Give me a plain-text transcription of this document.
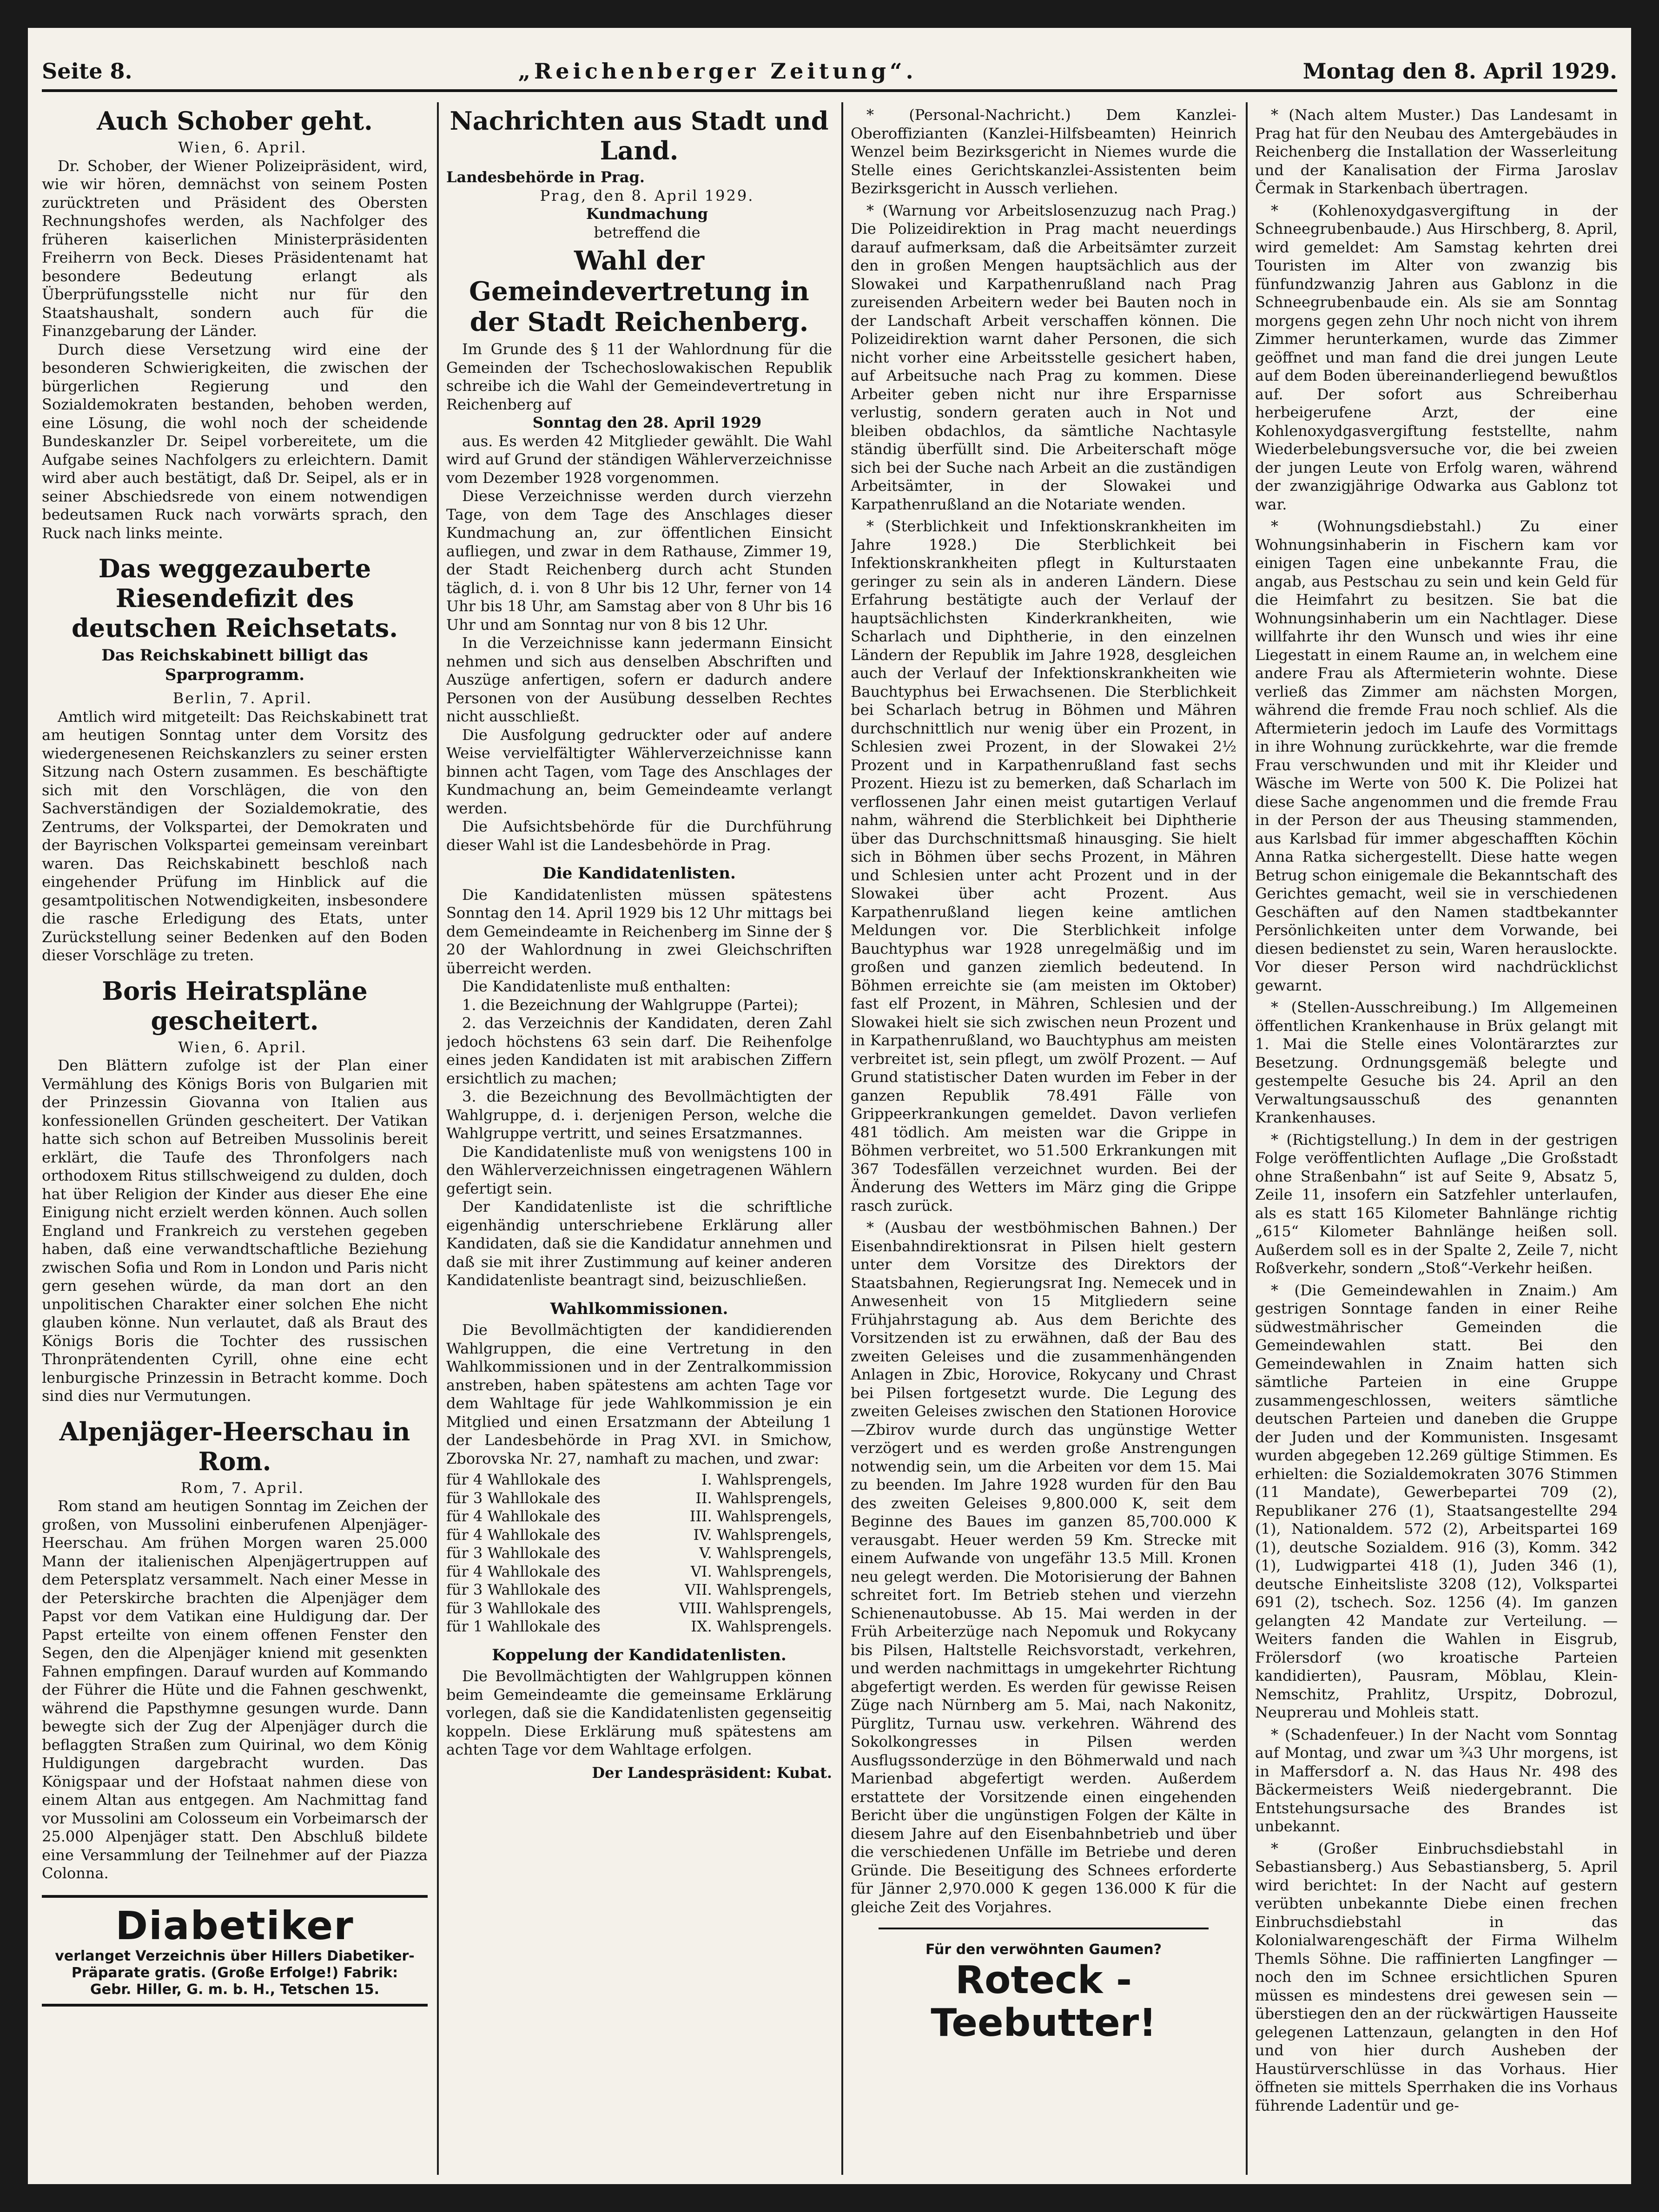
Seite 8.	„Reichenberger Zeitung“.	Montag den 8. April 1929.
Auch Schober geht.

Wien, 6. April.

Dr. Schober, der Wiener Polizeipräsident, wird, wie wir hören, demnächst von seinem Posten zurücktreten und Präsident des Obersten Rechnungshofes werden, als Nachfolger des früheren kaiserlichen Ministerpräsidenten Freiherrn von Beck. Dieses Präsidentenamt hat besondere Bedeutung erlangt als Überprüfungsstelle nicht nur für den Staatshaushalt, sondern auch für die Finanzgebarung der Länder.

Durch diese Versetzung wird eine der besonderen Schwierigkeiten, die zwischen der bürgerlichen Regierung und den Sozialdemokraten bestanden, behoben werden, eine Lösung, die wohl noch der scheidende Bundeskanzler Dr. Seipel vorbereitete, um die Aufgabe seines Nachfolgers zu erleichtern. Damit wird aber auch bestätigt, daß Dr. Seipel, als er in seiner Abschiedsrede von einem notwendigen bedeutsamen Ruck nach vorwärts sprach, den Ruck nach links meinte.

Das weggezauberte Riesendefizit des deutschen Reichsetats.
Das Reichskabinett billigt das Sparprogramm.

Berlin, 7. April.

Amtlich wird mitgeteilt: Das Reichskabinett trat am heutigen Sonntag unter dem Vorsitz des wiedergenesenen Reichskanzlers zu seiner ersten Sitzung nach Ostern zusammen. Es beschäftigte sich mit den Vorschlägen, die von den Sachverständigen der Sozialdemokratie, des Zentrums, der Volkspartei, der Demokraten und der Bayrischen Volkspartei gemeinsam vereinbart waren. Das Reichskabinett beschloß nach eingehender Prüfung im Hinblick auf die gesamtpolitischen Notwendigkeiten, insbesondere die rasche Erledigung des Etats, unter Zurückstellung seiner Bedenken auf den Boden dieser Vorschläge zu treten.

Boris Heiratspläne gescheitert.

Wien, 6. April.

Den Blättern zufolge ist der Plan einer Vermählung des Königs Boris von Bulgarien mit der Prinzessin Giovanna von Italien aus konfessionellen Gründen gescheitert. Der Vatikan hatte sich schon auf Betreiben Mussolinis bereit erklärt, die Taufe des Thronfolgers nach orthodoxem Ritus stillschweigend zu dulden, doch hat über Religion der Kinder aus dieser Ehe eine Einigung nicht erzielt werden können. Auch sollen England und Frankreich zu verstehen gegeben haben, daß eine verwandtschaftliche Beziehung zwischen Sofia und Rom in London und Paris nicht gern gesehen würde, da man dort an den unpolitischen Charakter einer solchen Ehe nicht glauben könne. Nun verlautet, daß als Braut des Königs Boris die Tochter des russischen Thronprätendenten Cyrill, ohne eine echt lenburgische Prinzessin in Betracht komme. Doch sind dies nur Vermutungen.

Alpenjäger-Heerschau in Rom.

Rom, 7. April.

Rom stand am heutigen Sonntag im Zeichen der großen, von Mussolini einberufenen Alpenjäger-Heerschau. Am frühen Morgen waren 25.000 Mann der italienischen Alpenjägertruppen auf dem Petersplatz versammelt. Nach einer Messe in der Peterskirche brachten die Alpenjäger dem Papst vor dem Vatikan eine Huldigung dar. Der Papst erteilte von einem offenen Fenster den Segen, den die Alpenjäger kniend mit gesenkten Fahnen empfingen. Darauf wurden auf Kommando der Führer die Hüte und die Fahnen geschwenkt, während die Papsthymne gesungen wurde. Dann bewegte sich der Zug der Alpenjäger durch die beflaggten Straßen zum Quirinal, wo dem König Huldigungen dargebracht wurden. Das Königspaar und der Hofstaat nahmen diese von einem Altan aus entgegen. Am Nachmittag fand vor Mussolini am Colosseum ein Vorbeimarsch der 25.000 Alpenjäger statt. Den Abschluß bildete eine Versammlung der Teilnehmer auf der Piazza Colonna.

Diabetiker
verlanget Verzeichnis über Hillers Diabetiker-Präparate gratis. (Große Erfolge!) Fabrik:
Gebr. Hiller, G. m. b. H., Tetschen 15.
Nachrichten aus Stadt und Land.

Landesbehörde in Prag.

Prag, den 8. April 1929.

Kundmachung

betreffend die

Wahl der Gemeindevertretung in der Stadt Reichenberg.

Im Grunde des § 11 der Wahlordnung für die Gemeinden der Tschechoslowakischen Republik schreibe ich die Wahl der Gemeindevertretung in Reichenberg auf

Sonntag den 28. April 1929

aus. Es werden 42 Mitglieder gewählt. Die Wahl wird auf Grund der ständigen Wählerverzeichnisse vom Dezember 1928 vorgenommen.

Diese Verzeichnisse werden durch vierzehn Tage, von dem Tage des Anschlages dieser Kundmachung an, zur öffentlichen Einsicht aufliegen, und zwar in dem Rathause, Zimmer 19, der Stadt Reichenberg durch acht Stunden täglich, d. i. von 8 Uhr bis 12 Uhr, ferner von 14 Uhr bis 18 Uhr, am Samstag aber von 8 Uhr bis 16 Uhr und am Sonntag nur von 8 bis 12 Uhr.

In die Verzeichnisse kann jedermann Einsicht nehmen und sich aus denselben Abschriften und Auszüge anfertigen, sofern er dadurch andere Personen von der Ausübung desselben Rechtes nicht ausschließt.

Die Ausfolgung gedruckter oder auf andere Weise vervielfältigter Wählerverzeichnisse kann binnen acht Tagen, vom Tage des Anschlages der Kundmachung an, beim Gemeindeamte verlangt werden.

Die Aufsichtsbehörde für die Durchführung dieser Wahl ist die Landesbehörde in Prag.

Die Kandidatenlisten.

Die Kandidatenlisten müssen spätestens Sonntag den 14. April 1929 bis 12 Uhr mittags bei dem Gemeindeamte in Reichenberg im Sinne der § 20 der Wahlordnung in zwei Gleichschriften überreicht werden.

Die Kandidatenliste muß enthalten:

1. die Bezeichnung der Wahlgruppe (Partei);

2. das Verzeichnis der Kandidaten, deren Zahl jedoch höchstens 63 sein darf. Die Reihenfolge eines jeden Kandidaten ist mit arabischen Ziffern ersichtlich zu machen;

3. die Bezeichnung des Bevollmächtigten der Wahlgruppe, d. i. derjenigen Person, welche die Wahlgruppe vertritt, und seines Ersatzmannes.

Die Kandidatenliste muß von wenigstens 100 in den Wählerverzeichnissen eingetragenen Wählern gefertigt sein.

Der Kandidatenliste ist die schriftliche eigenhändig unterschriebene Erklärung aller Kandidaten, daß sie die Kandidatur annehmen und daß sie mit ihrer Zustimmung auf keiner anderen Kandidatenliste beantragt sind, beizuschließen.

Wahlkommissionen.

Die Bevollmächtigten der kandidierenden Wahlgruppen, die eine Vertretung in den Wahlkommissionen und in der Zentralkommission anstreben, haben spätestens am achten Tage vor dem Wahltage für jede Wahlkommission je ein Mitglied und einen Ersatzmann der Abteilung 1 der Landesbehörde in Prag XVI. in Smichow, Zborovska Nr. 27, namhaft zu machen, und zwar:

für 4 Wahllokale des	I. Wahlsprengels,
für 3 Wahllokale des	II. Wahlsprengels,
für 4 Wahllokale des	III. Wahlsprengels,
für 4 Wahllokale des	IV. Wahlsprengels,
für 3 Wahllokale des	V. Wahlsprengels,
für 4 Wahllokale des	VI. Wahlsprengels,
für 3 Wahllokale des	VII. Wahlsprengels,
für 3 Wahllokale des	VIII. Wahlsprengels,
für 1 Wahllokale des	IX. Wahlsprengels.
Koppelung der Kandidatenlisten.

Die Bevollmächtigten der Wahlgruppen können beim Gemeindeamte die gemeinsame Erklärung vorlegen, daß sie die Kandidatenlisten gegenseitig koppeln. Diese Erklärung muß spätestens am achten Tage vor dem Wahltage erfolgen.

Der Landespräsident: Kubat.

* (Personal-Nachricht.) Dem Kanzlei-Oberoffizianten (Kanzlei-Hilfsbeamten) Heinrich Wenzel beim Bezirksgericht in Niemes wurde die Stelle eines Gerichtskanzlei-Assistenten beim Bezirksgericht in Aussch verliehen.

* (Warnung vor Arbeitslosenzuzug nach Prag.) Die Polizeidirektion in Prag macht neuerdings darauf aufmerksam, daß die Arbeitsämter zurzeit den in großen Mengen hauptsächlich aus der Slowakei und Karpathenrußland nach Prag zureisenden Arbeitern weder bei Bauten noch in der Landschaft Arbeit verschaffen können. Die Polizeidirektion warnt daher Personen, die sich nicht vorher eine Arbeitsstelle gesichert haben, auf Arbeitsuche nach Prag zu kommen. Diese Arbeiter geben nicht nur ihre Ersparnisse verlustig, sondern geraten auch in Not und bleiben obdachlos, da sämtliche Nachtasyle ständig überfüllt sind. Die Arbeiterschaft möge sich bei der Suche nach Arbeit an die zuständigen Arbeitsämter, in der Slowakei und Karpathenrußland an die Notariate wenden.

* (Sterblichkeit und Infektionskrankheiten im Jahre 1928.) Die Sterblichkeit bei Infektionskrankheiten pflegt in Kulturstaaten geringer zu sein als in anderen Ländern. Diese Erfahrung bestätigte auch der Verlauf der hauptsächlichsten Kinderkrankheiten, wie Scharlach und Diphtherie, in den einzelnen Ländern der Republik im Jahre 1928, desgleichen auch der Verlauf der Infektionskrankheiten wie Bauchtyphus bei Erwachsenen. Die Sterblichkeit bei Scharlach betrug in Böhmen und Mähren durchschnittlich nur wenig über ein Prozent, in Schlesien zwei Prozent, in der Slowakei 2½ Prozent und in Karpathenrußland fast sechs Prozent. Hiezu ist zu bemerken, daß Scharlach im verflossenen Jahr einen meist gutartigen Verlauf nahm, während die Sterblichkeit bei Diphtherie über das Durchschnittsmaß hinausging. Sie hielt sich in Böhmen über sechs Prozent, in Mähren und Schlesien unter acht Prozent und in der Slowakei über acht Prozent. Aus Karpathenrußland liegen keine amtlichen Meldungen vor. Die Sterblichkeit infolge Bauchtyphus war 1928 unregelmäßig und im großen und ganzen ziemlich bedeutend. In Böhmen erreichte sie (am meisten im Oktober) fast elf Prozent, in Mähren, Schlesien und der Slowakei hielt sie sich zwischen neun Prozent und in Karpathenrußland, wo Bauchtyphus am meisten verbreitet ist, sein pflegt, um zwölf Prozent. — Auf Grund statistischer Daten wurden im Feber in der ganzen Republik 78.491 Fälle von Grippeerkrankungen gemeldet. Davon verliefen 481 tödlich. Am meisten war die Grippe in Böhmen verbreitet, wo 51.500 Erkrankungen mit 367 Todesfällen verzeichnet wurden. Bei der Änderung des Wetters im März ging die Grippe rasch zurück.

* (Ausbau der westböhmischen Bahnen.) Der Eisenbahndirektionsrat in Pilsen hielt gestern unter dem Vorsitze des Direktors der Staatsbahnen, Regierungsrat Ing. Nemecek und in Anwesenheit von 15 Mitgliedern seine Frühjahrstagung ab. Aus dem Berichte des Vorsitzenden ist zu erwähnen, daß der Bau des zweiten Geleises und die zusammenhängenden Anlagen in Zbic, Horovice, Rokycany und Chrast bei Pilsen fortgesetzt wurde. Die Legung des zweiten Geleises zwischen den Stationen Horovice—Zbirov wurde durch das ungünstige Wetter verzögert und es werden große Anstrengungen notwendig sein, um die Arbeiten vor dem 15. Mai zu beenden. Im Jahre 1928 wurden für den Bau des zweiten Geleises 9,800.000 K, seit dem Beginne des Baues im ganzen 85,700.000 K verausgabt. Heuer werden 59 Km. Strecke mit einem Aufwande von ungefähr 13.5 Mill. Kronen neu gelegt werden. Die Motorisierung der Bahnen schreitet fort. Im Betrieb stehen und vierzehn Schienenautobusse. Ab 15. Mai werden in der Früh Arbeiterzüge nach Nepomuk und Rokycany bis Pilsen, Haltstelle Reichsvorstadt, verkehren, und werden nachmittags in umgekehrter Richtung abgefertigt werden. Es werden für gewisse Reisen Züge nach Nürnberg am 5. Mai, nach Nakonitz, Pürglitz, Turnau usw. verkehren. Während des Sokolkongresses in Pilsen werden Ausflugssonderzüge in den Böhmerwald und nach Marienbad abgefertigt werden. Außerdem erstattete der Vorsitzende einen eingehenden Bericht über die ungünstigen Folgen der Kälte in diesem Jahre auf den Eisenbahnbetrieb und über die verschiedenen Unfälle im Betriebe und deren Gründe. Die Beseitigung des Schnees erforderte für Jänner 2,970.000 K gegen 136.000 K für die gleiche Zeit des Vorjahres.

Für den verwöhnten Gaumen?
Roteck - Teebutter!

* (Nach altem Muster.) Das Landesamt in Prag hat für den Neubau des Amtergebäudes in Reichenberg die Installation der Wasserleitung und der Kanalisation der Firma Jaroslav Čermak in Starkenbach übertragen.

* (Kohlenoxydgasvergiftung in der Schneegrubenbaude.) Aus Hirschberg, 8. April, wird gemeldet: Am Samstag kehrten drei Touristen im Alter von zwanzig bis fünfundzwanzig Jahren aus Gablonz in die Schneegrubenbaude ein. Als sie am Sonntag morgens gegen zehn Uhr noch nicht von ihrem Zimmer herunterkamen, wurde das Zimmer geöffnet und man fand die drei jungen Leute auf dem Boden übereinanderliegend bewußtlos auf. Der sofort aus Schreiberhau herbeigerufene Arzt, der eine Kohlenoxydgasvergiftung feststellte, nahm Wiederbelebungsversuche vor, die bei zweien der jungen Leute von Erfolg waren, während der zwanzigjährige Odwarka aus Gablonz tot war.

* (Wohnungsdiebstahl.) Zu einer Wohnungsinhaberin in Fischern kam vor einigen Tagen eine unbekannte Frau, die angab, aus Pestschau zu sein und kein Geld für die Heimfahrt zu besitzen. Sie bat die Wohnungsinhaberin um ein Nachtlager. Diese willfahrte ihr den Wunsch und wies ihr eine Liegestatt in einem Raume an, in welchem eine andere Frau als Aftermieterin wohnte. Diese verließ das Zimmer am nächsten Morgen, während die fremde Frau noch schlief. Als die Aftermieterin jedoch im Laufe des Vormittags in ihre Wohnung zurückkehrte, war die fremde Frau verschwunden und mit ihr Kleider und Wäsche im Werte von 500 K. Die Polizei hat diese Sache angenommen und die fremde Frau in der Person der aus Theusing stammenden, aus Karlsbad für immer abgeschafften Köchin Anna Ratka sichergestellt. Diese hatte wegen Betrug schon einigemale die Bekanntschaft des Gerichtes gemacht, weil sie in verschiedenen Geschäften auf den Namen stadtbekannter Persönlichkeiten unter dem Vorwande, bei diesen bedienstet zu sein, Waren herauslockte. Vor dieser Person wird nachdrücklichst gewarnt.

* (Stellen-Ausschreibung.) Im Allgemeinen öffentlichen Krankenhause in Brüx gelangt mit 1. Mai die Stelle eines Volontärarztes zur Besetzung. Ordnungsgemäß belegte und gestempelte Gesuche bis 24. April an den Verwaltungsausschuß des genannten Krankenhauses.

* (Richtigstellung.) In dem in der gestrigen Folge veröffentlichten Auflage „Die Großstadt ohne Straßenbahn“ ist auf Seite 9, Absatz 5, Zeile 11, insofern ein Satzfehler unterlaufen, als es statt 165 Kilometer Bahnlänge richtig „615“ Kilometer Bahnlänge heißen soll. Außerdem soll es in der Spalte 2, Zeile 7, nicht Roßverkehr, sondern „Stoß“-Verkehr heißen.

* (Die Gemeindewahlen in Znaim.) Am gestrigen Sonntage fanden in einer Reihe südwestmährischer Gemeinden die Gemeindewahlen statt. Bei den Gemeindewahlen in Znaim hatten sich sämtliche Parteien in eine Gruppe zusammengeschlossen, weiters sämtliche deutschen Parteien und daneben die Gruppe der Juden und der Kommunisten. Insgesamt wurden abgegeben 12.269 gültige Stimmen. Es erhielten: die Sozialdemokraten 3076 Stimmen (11 Mandate), Gewerbepartei 709 (2), Republikaner 276 (1), Staatsangestellte 294 (1), Nationaldem. 572 (2), Arbeitspartei 169 (1), deutsche Sozialdem. 916 (3), Komm. 342 (1), Ludwigpartei 418 (1), Juden 346 (1), deutsche Einheitsliste 3208 (12), Volkspartei 691 (2), tschech. Soz. 1256 (4). Im ganzen gelangten 42 Mandate zur Verteilung. — Weiters fanden die Wahlen in Eisgrub, Frölersdorf (wo kroatische Parteien kandidierten), Pausram, Möblau, Klein-Nemschitz, Prahlitz, Urspitz, Dobrozul, Neuprerau und Mohleis statt.

* (Schadenfeuer.) In der Nacht vom Sonntag auf Montag, und zwar um ¾3 Uhr morgens, ist in Maffersdorf a. N. das Haus Nr. 498 des Bäckermeisters Weiß niedergebrannt. Die Entstehungsursache des Brandes ist unbekannt.

* (Großer Einbruchsdiebstahl in Sebastiansberg.) Aus Sebastiansberg, 5. April wird berichtet: In der Nacht auf gestern verübten unbekannte Diebe einen frechen Einbruchsdiebstahl in das Kolonialwarengeschäft der Firma Wilhelm Themls Söhne. Die raffinierten Langfinger — noch den im Schnee ersichtlichen Spuren müssen es mindestens drei gewesen sein — überstiegen den an der rückwärtigen Hausseite gelegenen Lattenzaun, gelangten in den Hof und von hier durch Ausheben der Haustürverschlüsse in das Vorhaus. Hier öffneten sie mittels Sperrhaken die ins Vorhaus führende Ladentür und ge-
